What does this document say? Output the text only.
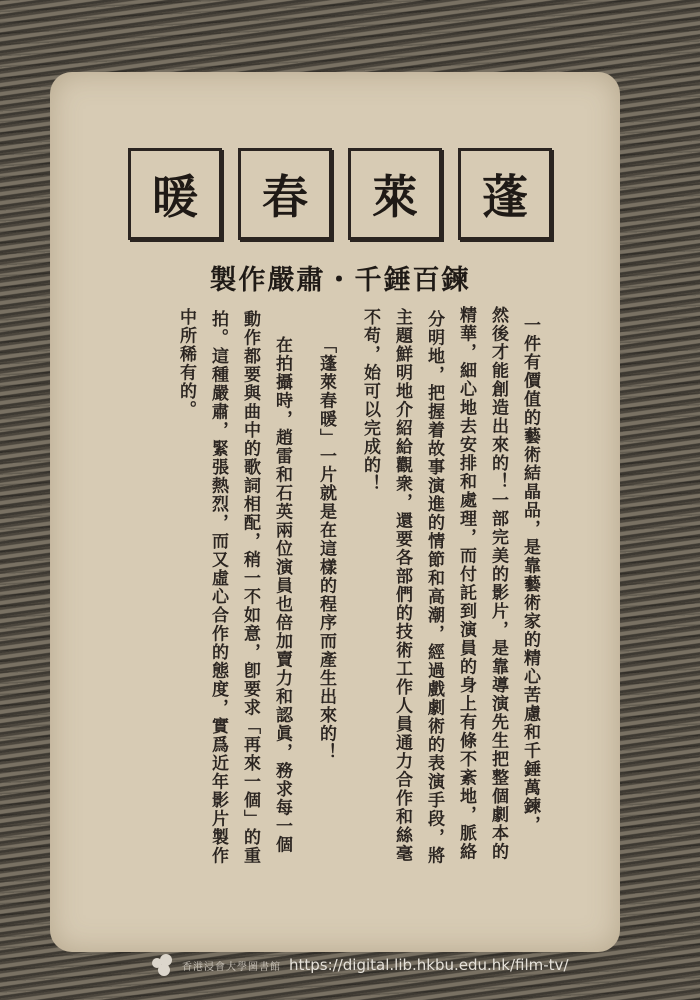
蓬
萊
春
暖
製作嚴肅・千錘百鍊
一件有價值的藝術結晶品，是靠藝術家的精心苦慮和千錘萬鍊，
然後才能創造出來的！一部完美的影片，是靠導演先生把整個劇本的
精華，細心地去安排和處理，而付託到演員的身上有條不紊地，脈絡
分明地，把握着故事演進的情節和高潮，經過戲劇術的表演手段，將
主題鮮明地介紹給觀衆，還要各部們的技術工作人員通力合作和絲毫
不苟，始可以完成的！
「蓬萊春暖」一片就是在這樣的程序而產生出來的！
在拍攝時，趙雷和石英兩位演員也倍加賣力和認眞，務求每一個
動作都要與曲中的歌詞相配，稍一不如意，卽要求「再來一個」的重
拍。這種嚴肅，緊張熱烈，而又虛心合作的態度，實爲近年影片製作
中所稀有的。
香港浸會大學圖書館 https://digital.lib.hkbu.edu.hk/film-tv/
